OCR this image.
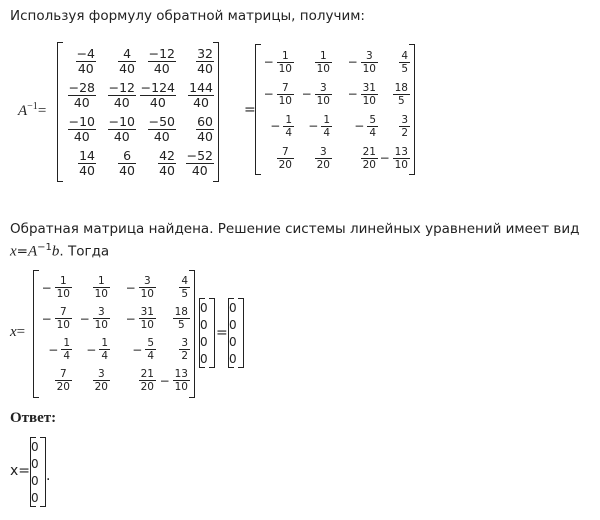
Используя формулу обратной матрицы, получим:
$A^{-1}=$
$\frac{-4}{40}$	$\frac{4}{40}$	$\frac{-12}{40}$	$\frac{32}{40}$

$\frac{-28}{40}$	$\frac{-12}{40}$	$\frac{-124}{40}$	$\frac{144}{40}$

$\frac{-10}{40}$	$\frac{-10}{40}$	$\frac{-50}{40}$	$\frac{60}{40}$

$\frac{14}{40}$	$\frac{6}{40}$	$\frac{42}{40}$	$\frac{-52}{40}$
=
− $\frac{1}{10}$	$\frac{1}{10}$	− $\frac{3}{10}$	$\frac{4}{5}$

− $\frac{7}{10}$	− $\frac{3}{10}$	− $\frac{31}{10}$	$\frac{18}{5}$

− $\frac{1}{4}$	− $\frac{1}{4}$	− $\frac{5}{4}$	$\frac{3}{2}$

$\frac{7}{20}$	$\frac{3}{20}$	$\frac{21}{20}$	− $\frac{13}{10}$
Обратная матрица найдена. Решение системы линейных уравнений имеет вид
$x=A^{-1}b$. Тогда
x=
− $\frac{1}{10}$	$\frac{1}{10}$	− $\frac{3}{10}$	$\frac{4}{5}$

− $\frac{7}{10}$	− $\frac{3}{10}$	− $\frac{31}{10}$	$\frac{18}{5}$

− $\frac{1}{4}$	− $\frac{1}{4}$	− $\frac{5}{4}$	$\frac{3}{2}$

$\frac{7}{20}$	$\frac{3}{20}$	$\frac{21}{20}$	− $\frac{13}{10}$
0
0
0
0
=
0
0
0
0
Ответ:
x=
0
0
0
0
.
